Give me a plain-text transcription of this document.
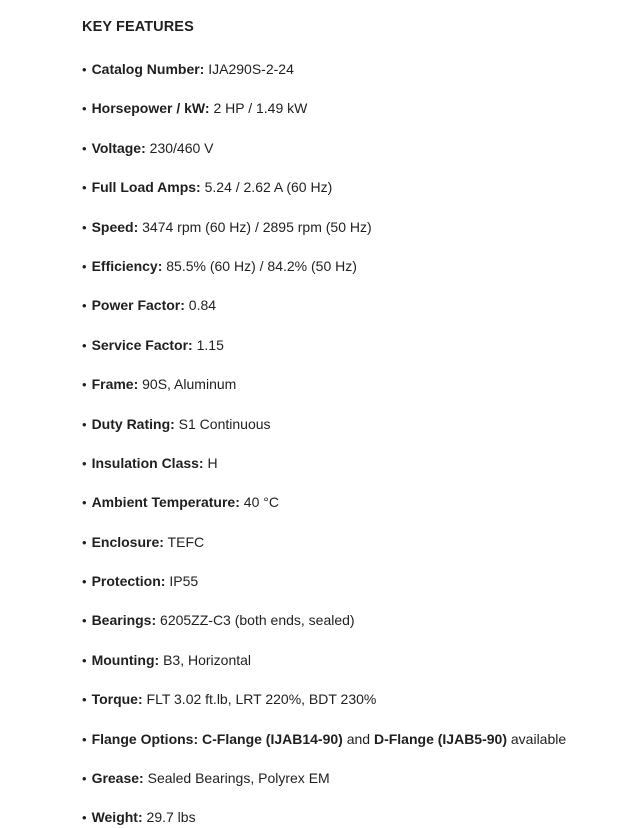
KEY FEATURES
• Catalog Number: IJA290S-2-24
• Horsepower / kW: 2 HP / 1.49 kW
• Voltage: 230/460 V
• Full Load Amps: 5.24 / 2.62 A (60 Hz)
• Speed: 3474 rpm (60 Hz) / 2895 rpm (50 Hz)
• Efficiency: 85.5% (60 Hz) / 84.2% (50 Hz)
• Power Factor: 0.84
• Service Factor: 1.15
• Frame: 90S, Aluminum
• Duty Rating: S1 Continuous
• Insulation Class: H
• Ambient Temperature: 40 °C
• Enclosure: TEFC
• Protection: IP55
• Bearings: 6205ZZ-C3 (both ends, sealed)
• Mounting: B3, Horizontal
• Torque: FLT 3.02 ft.lb, LRT 220%, BDT 230%
• Flange Options: C-Flange (IJAB14-90) and D-Flange (IJAB5-90) available
• Grease: Sealed Bearings, Polyrex EM
• Weight: 29.7 lbs
